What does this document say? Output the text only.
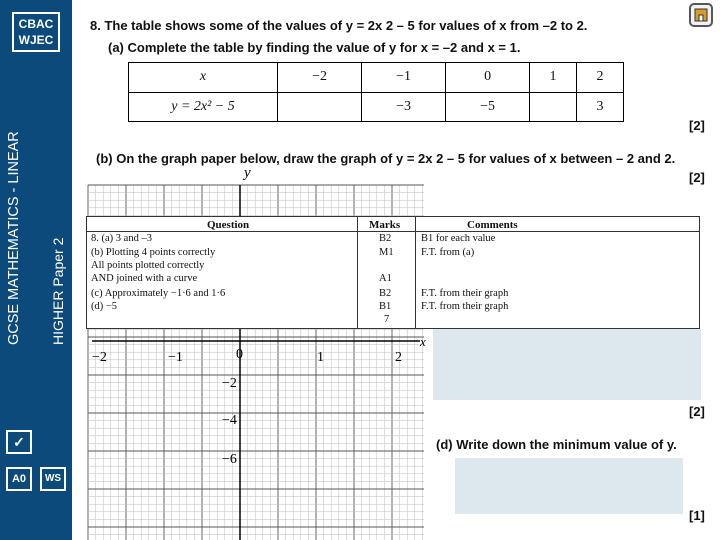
CBAC
WJEC
GCSE MATHEMATICS - LINEAR HIGHER Paper 2
✓
A0	WS
8. The table shows some of the values of y = 2x 2 – 5 for values of x from –2 to 2.
(a) Complete the table by finding the value of y for x = –2 and x = 1.
x	−2	−1	0	1	2
y = 2x² − 5		−3	−5		3
[2]
(b) On the graph paper below, draw the graph of y = 2x 2 – 5 for values of x between – 2 and 2.
[2]
y
x
−2	−1	0	1	2
−2
−4
−6
Question	Marks	Comments
8. (a) 3 and –3	B2	B1 for each value
(b) Plotting 4 points correctly	M1	F.T. from (a)
All points plotted correctly
AND joined with a curve	A1
(c) Approximately −1·6 and 1·6	B2	F.T. from their graph
(d) −5	B1	F.T. from their graph
7
[2]
(d) Write down the minimum value of y.
[1]
